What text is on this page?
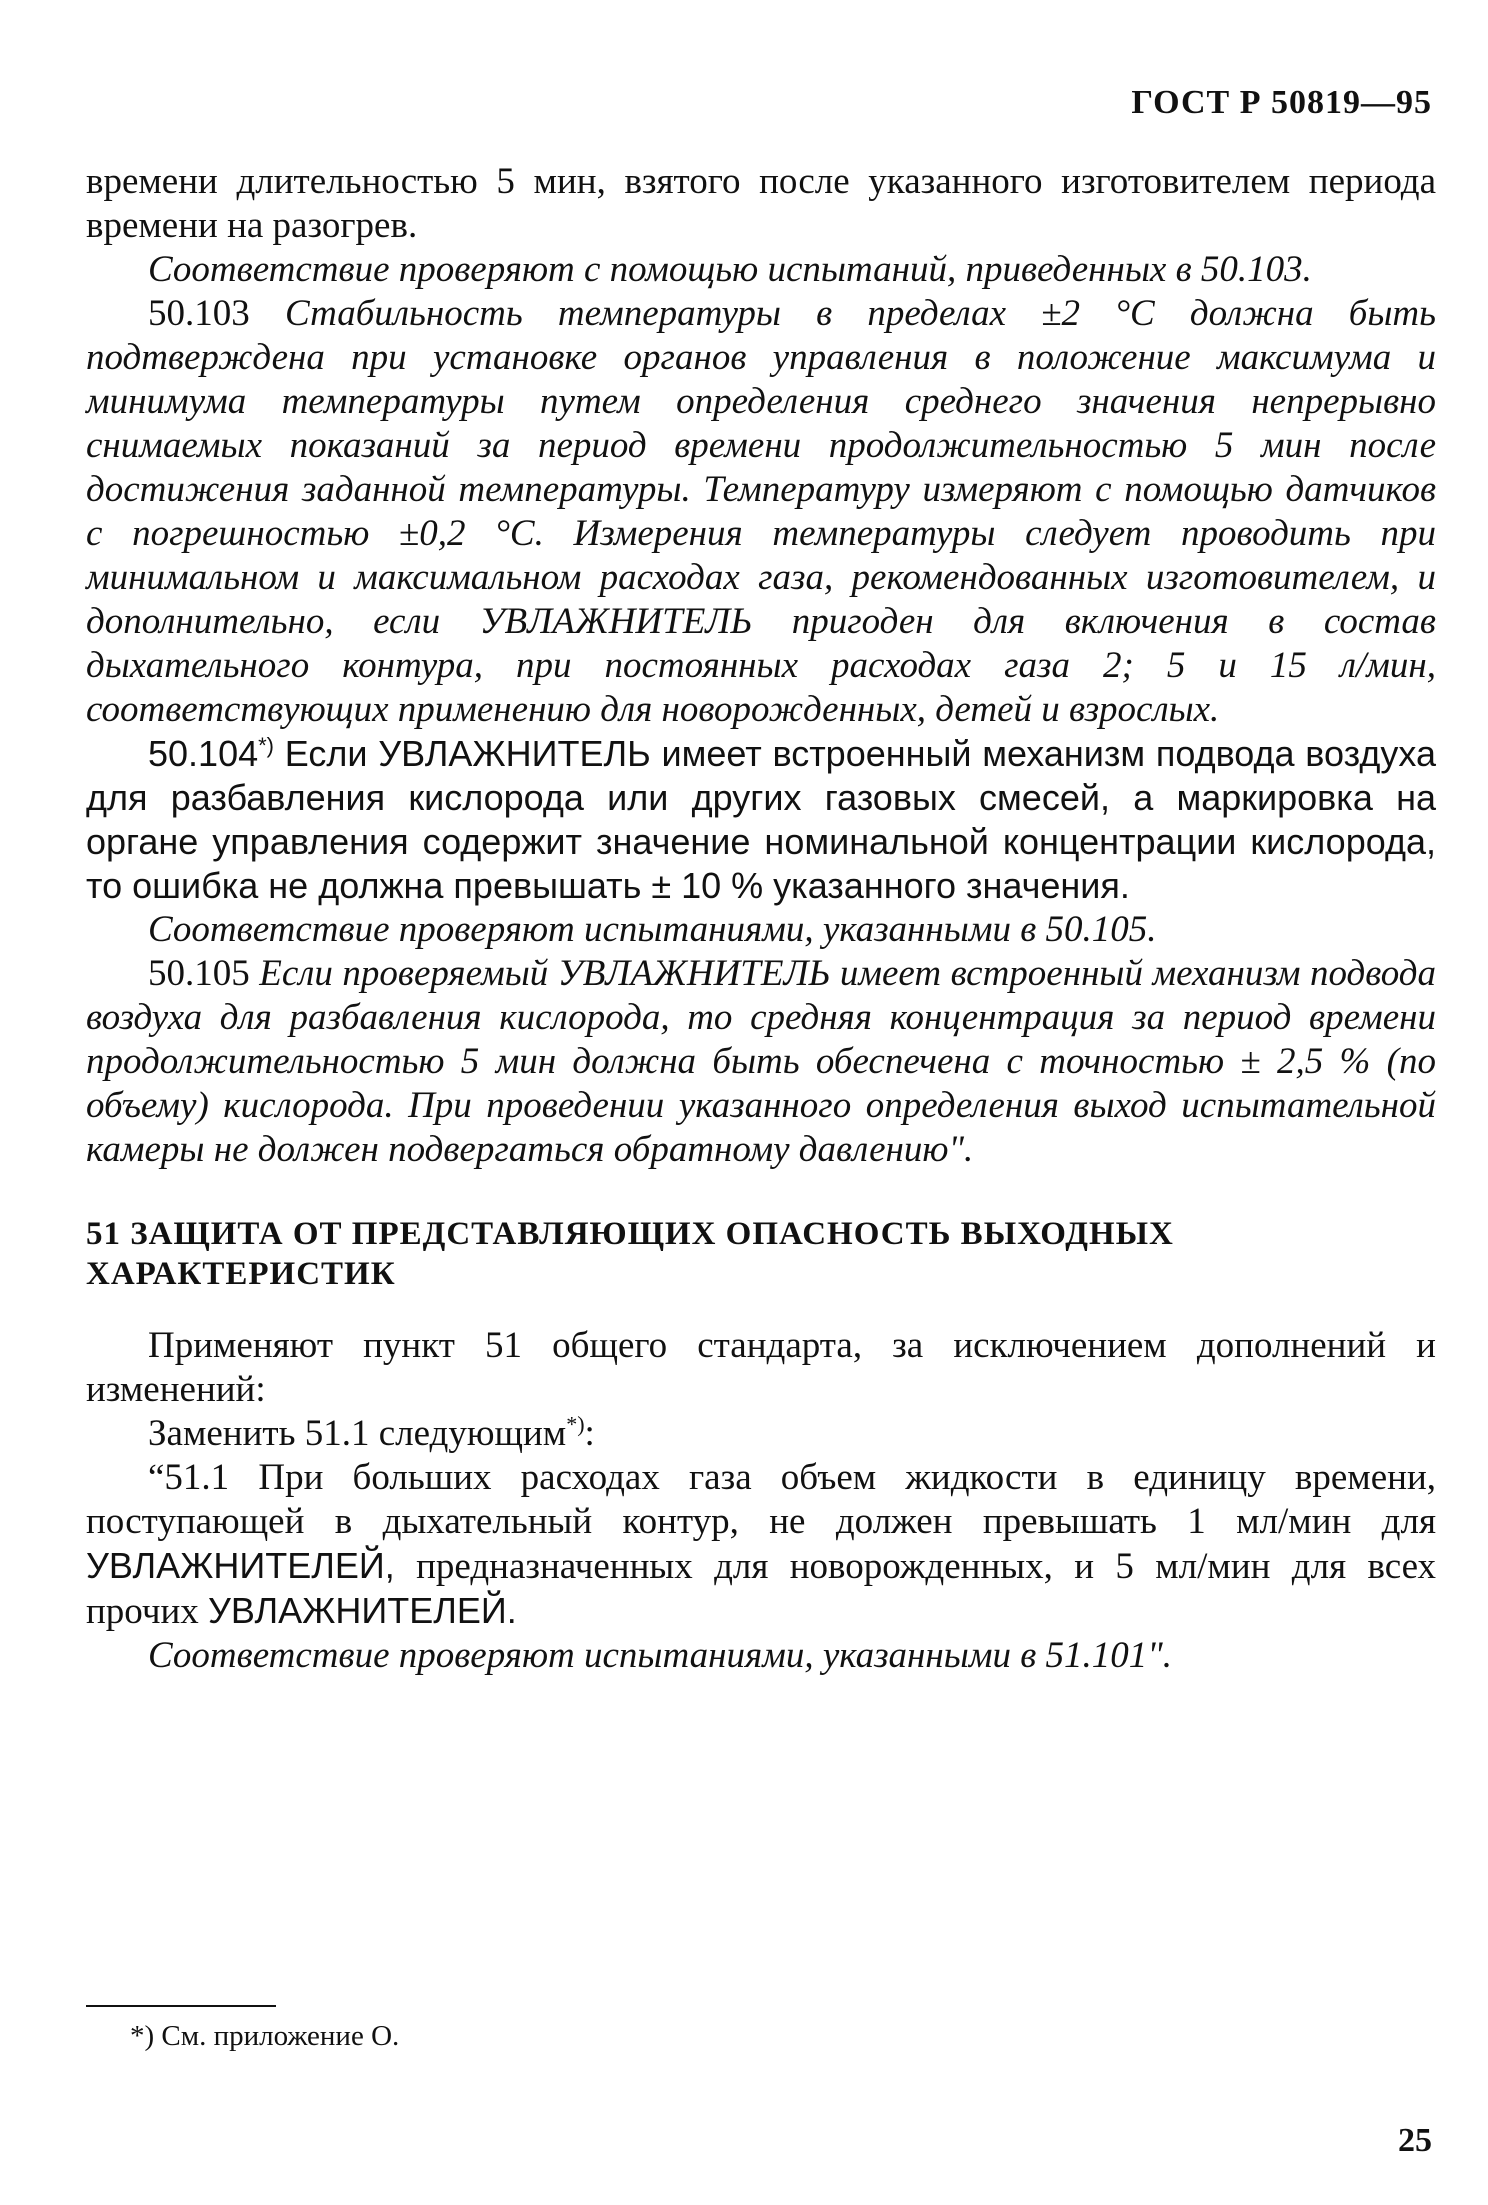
ГОСТ Р 50819—95

времени длительностью 5 мин, взятого после указанного изготовителем периода времени на разогрев.

Соответствие проверяют с помощью испытаний, приведенных в 50.103.

50.103 Стабильность температуры в пределах ±2 °С должна быть подтверждена при установке органов управления в положение максимума и минимума температуры путем определения среднего значения непрерывно снимаемых показаний за период времени продолжительностью 5 мин после достижения заданной температуры. Температуру измеряют с помощью датчиков с погрешностью ±0,2 °С. Измерения температуры следует проводить при минимальном и максимальном расходах газа, рекомендованных изготовителем, и дополнительно, если УВЛАЖНИТЕЛЬ пригоден для включения в состав дыхательного контура, при постоянных расходах газа 2; 5 и 15 л/мин, соответствующих применению для новорожденных, детей и взрослых.

50.104*) Если УВЛАЖНИТЕЛЬ имеет встроенный механизм подвода воздуха для разбавления кислорода или других газовых смесей, а маркировка на органе управления содержит значение номинальной концентрации кислорода, то ошибка не должна превышать ± 10 % указанного значения.

Соответствие проверяют испытаниями, указанными в 50.105.

50.105 Если проверяемый УВЛАЖНИТЕЛЬ имеет встроенный механизм подвода воздуха для разбавления кислорода, то средняя концентрация за период времени продолжительностью 5 мин должна быть обеспечена с точностью ± 2,5 % (по объему) кислорода. При проведении указанного определения выход испытательной камеры не должен подвергаться обратному давлению".

51 ЗАЩИТА ОТ ПРЕДСТАВЛЯЮЩИХ ОПАСНОСТЬ ВЫХОДНЫХ ХАРАКТЕРИСТИК

Применяют пункт 51 общего стандарта, за исключением дополнений и изменений:

Заменить 51.1 следующим*):

“51.1 При больших расходах газа объем жидкости в единицу времени, поступающей в дыхательный контур, не должен превышать 1 мл/мин для УВЛАЖНИТЕЛЕЙ, предназначенных для новорожденных, и 5 мл/мин для всех прочих УВЛАЖНИТЕЛЕЙ.

Соответствие проверяют испытаниями, указанными в 51.101".

*) См. приложение О.
25
